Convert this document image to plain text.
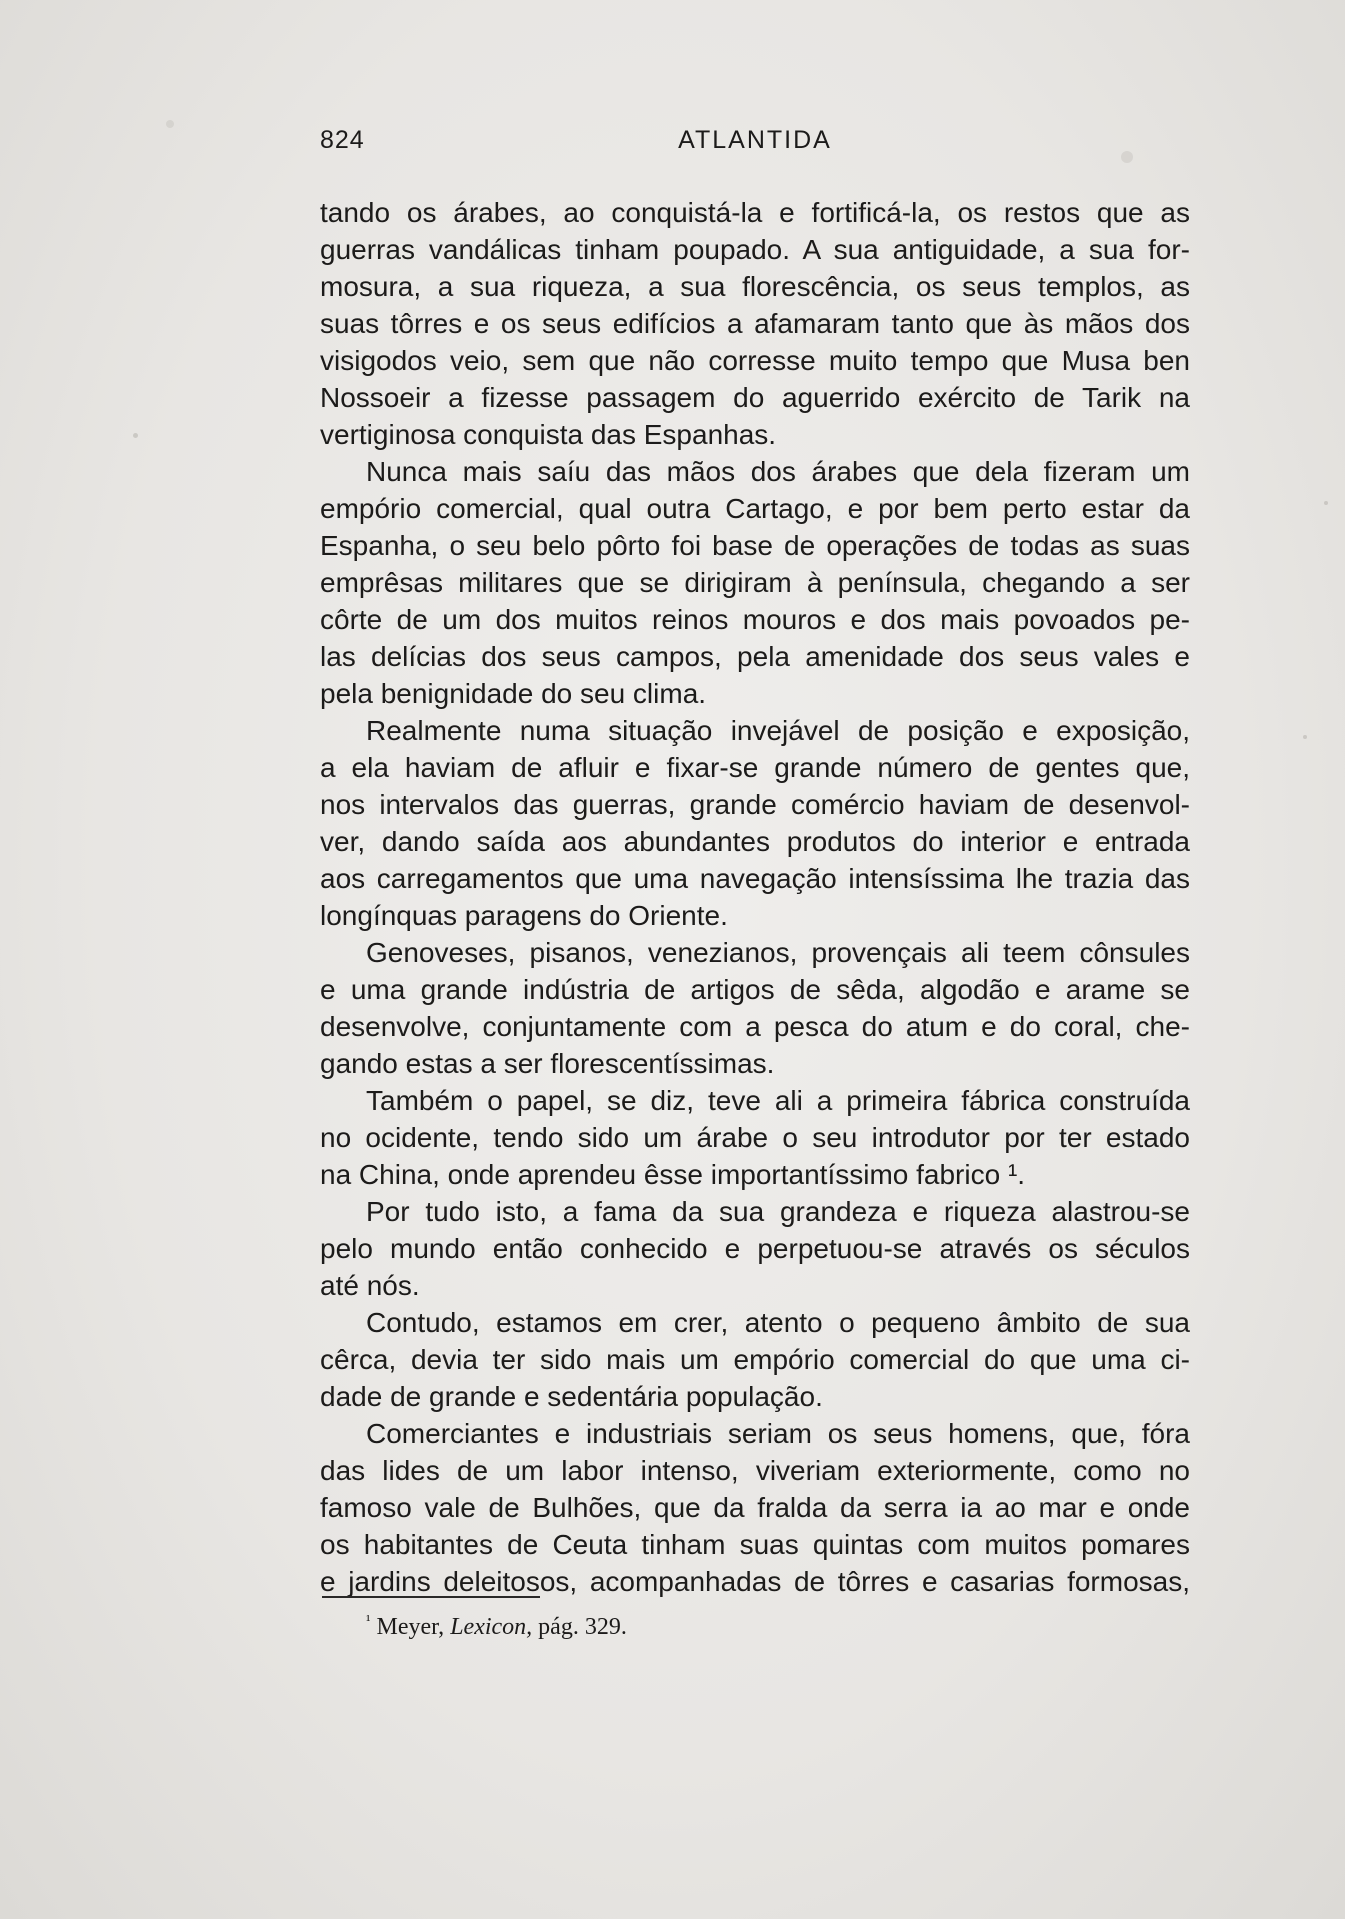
824	ATLANTIDA
tando os árabes, ao conquistá-la e fortificá-la, os restos que as
guerras vandálicas tinham poupado. A sua antiguidade, a sua for-
mosura, a sua riqueza, a sua florescência, os seus templos, as
suas tôrres e os seus edifícios a afamaram tanto que às mãos dos
visigodos veio, sem que não corresse muito tempo que Musa ben
Nossoeir a fizesse passagem do aguerrido exército de Tarik na
vertiginosa conquista das Espanhas.
Nunca mais saíu das mãos dos árabes que dela fizeram um
empório comercial, qual outra Cartago, e por bem perto estar da
Espanha, o seu belo pôrto foi base de operações de todas as suas
emprêsas militares que se dirigiram à península, chegando a ser
côrte de um dos muitos reinos mouros e dos mais povoados pe-
las delícias dos seus campos, pela amenidade dos seus vales e
pela benignidade do seu clima.
Realmente numa situação invejável de posição e exposição,
a ela haviam de afluir e fixar-se grande número de gentes que,
nos intervalos das guerras, grande comércio haviam de desenvol-
ver, dando saída aos abundantes produtos do interior e entrada
aos carregamentos que uma navegação intensíssima lhe trazia das
longínquas paragens do Oriente.
Genoveses, pisanos, venezianos, provençais ali teem cônsules
e uma grande indústria de artigos de sêda, algodão e arame se
desenvolve, conjuntamente com a pesca do atum e do coral, che-
gando estas a ser florescentíssimas.
Também o papel, se diz, teve ali a primeira fábrica construída
no ocidente, tendo sido um árabe o seu introdutor por ter estado
na China, onde aprendeu êsse importantíssimo fabrico ¹.
Por tudo isto, a fama da sua grandeza e riqueza alastrou-se
pelo mundo então conhecido e perpetuou-se através os séculos
até nós.
Contudo, estamos em crer, atento o pequeno âmbito de sua
cêrca, devia ter sido mais um empório comercial do que uma ci-
dade de grande e sedentária população.
Comerciantes e industriais seriam os seus homens, que, fóra
das lides de um labor intenso, viveriam exteriormente, como no
famoso vale de Bulhões, que da fralda da serra ia ao mar e onde
os habitantes de Ceuta tinham suas quintas com muitos pomares
e jardins deleitosos, acompanhadas de tôrres e casarias formosas,
$^{^1}$ Meyer, Lexicon, pág. 329.
